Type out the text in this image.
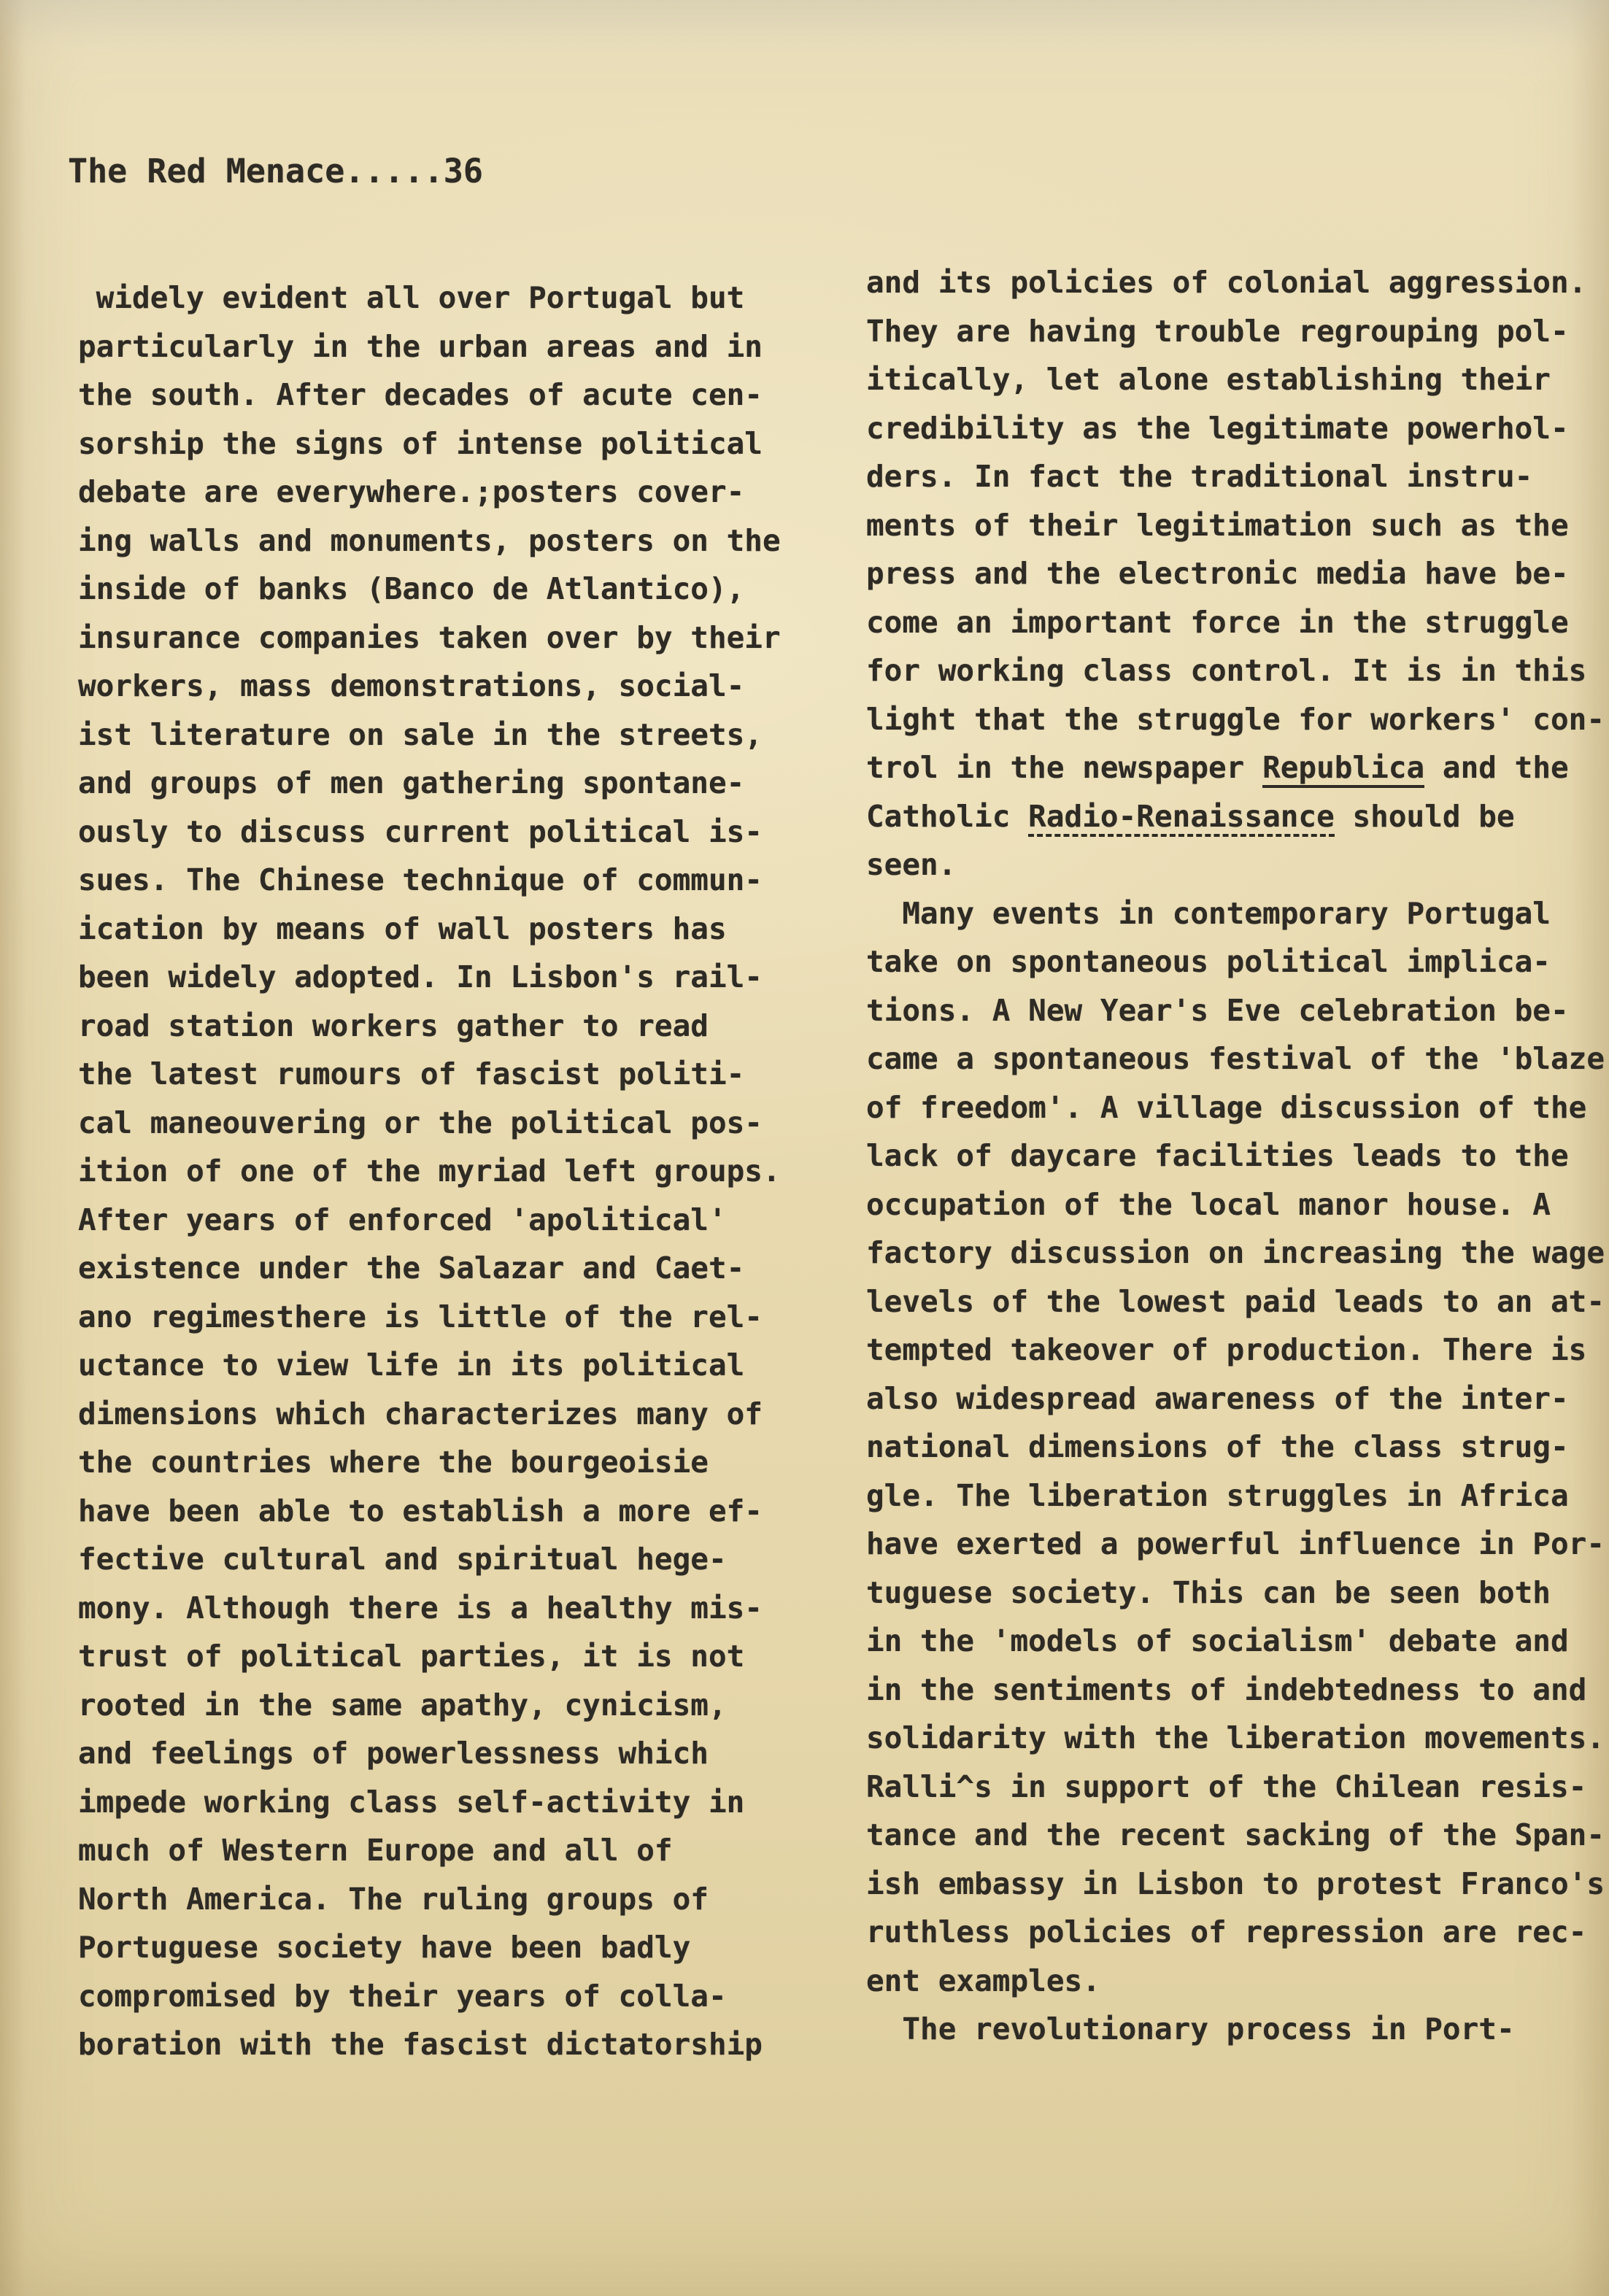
The Red Menace.....36
widely evident all over Portugal but
particularly in the urban areas and in
the south. After decades of acute cen-
sorship the signs of intense political
debate are everywhere.;posters cover-
ing walls and monuments, posters on the
inside of banks (Banco de Atlantico),
insurance companies taken over by their
workers, mass demonstrations, social-
ist literature on sale in the streets,
and groups of men gathering spontane-
ously to discuss current political is-
sues. The Chinese technique of commun-
ication by means of wall posters has
been widely adopted. In Lisbon's rail-
road station workers gather to read
the latest rumours of fascist politi-
cal maneouvering or the political pos-
ition of one of the myriad left groups.
After years of enforced 'apolitical'
existence under the Salazar and Caet-
ano regimesthere is little of the rel-
uctance to view life in its political
dimensions which characterizes many of
the countries where the bourgeoisie
have been able to establish a more ef-
fective cultural and spiritual hege-
mony. Although there is a healthy mis-
trust of political parties, it is not
rooted in the same apathy, cynicism,
and feelings of powerlessness which
impede working class self-activity in
much of Western Europe and all of
North America. The ruling groups of
Portuguese society have been badly
compromised by their years of colla-
boration with the fascist dictatorship
and its policies of colonial aggression.
They are having trouble regrouping pol-
itically, let alone establishing their
credibility as the legitimate powerhol-
ders. In fact the traditional instru-
ments of their legitimation such as the
press and the electronic media have be-
come an important force in the struggle
for working class control. It is in this
light that the struggle for workers' con-
trol in the newspaper Republica and the
Catholic Radio-Renaissance should be
seen.
Many events in contemporary Portugal
take on spontaneous political implica-
tions. A New Year's Eve celebration be-
came a spontaneous festival of the 'blaze
of freedom'. A village discussion of the
lack of daycare facilities leads to the
occupation of the local manor house. A
factory discussion on increasing the wage
levels of the lowest paid leads to an at-
tempted takeover of production. There is
also widespread awareness of the inter-
national dimensions of the class strug-
gle. The liberation struggles in Africa
have exerted a powerful influence in Por-
tuguese society. This can be seen both
in the 'models of socialism' debate and
in the sentiments of indebtedness to and
solidarity with the liberation movements.
Ralli^s in support of the Chilean resis-
tance and the recent sacking of the Span-
ish embassy in Lisbon to protest Franco's
ruthless policies of repression are rec-
ent examples.
The revolutionary process in Port-
